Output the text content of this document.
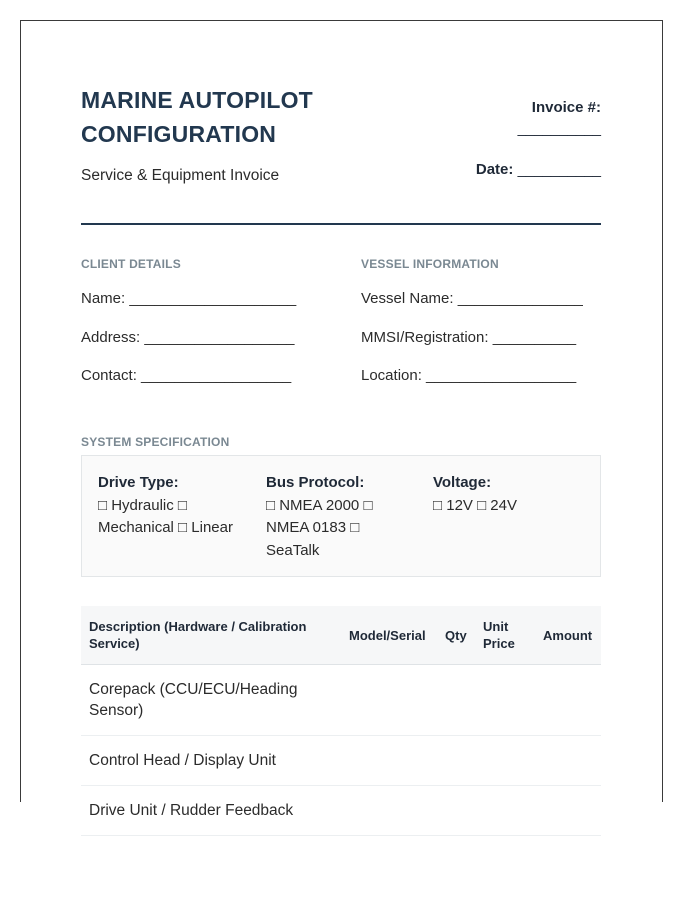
MARINE AUTOPILOT CONFIGURATION
Service & Equipment Invoice
Invoice #:
__________
Date: __________
CLIENT DETAILS
Name: ____________________
Address: __________________
Contact: __________________
VESSEL INFORMATION
Vessel Name: _______________
MMSI/Registration: __________
Location: __________________
SYSTEM SPECIFICATION
Drive Type:
□ Hydraulic □ Mechanical □ Linear
Bus Protocol:
□ NMEA 2000 □ NMEA 0183 □ SeaTalk
Voltage:
□ 12V □ 24V
Description (Hardware / Calibration Service)	Model/Serial	Qty	Unit Price	Amount
Corepack (CCU/ECU/Heading Sensor)				
Control Head / Display Unit				
Drive Unit / Rudder Feedback				
